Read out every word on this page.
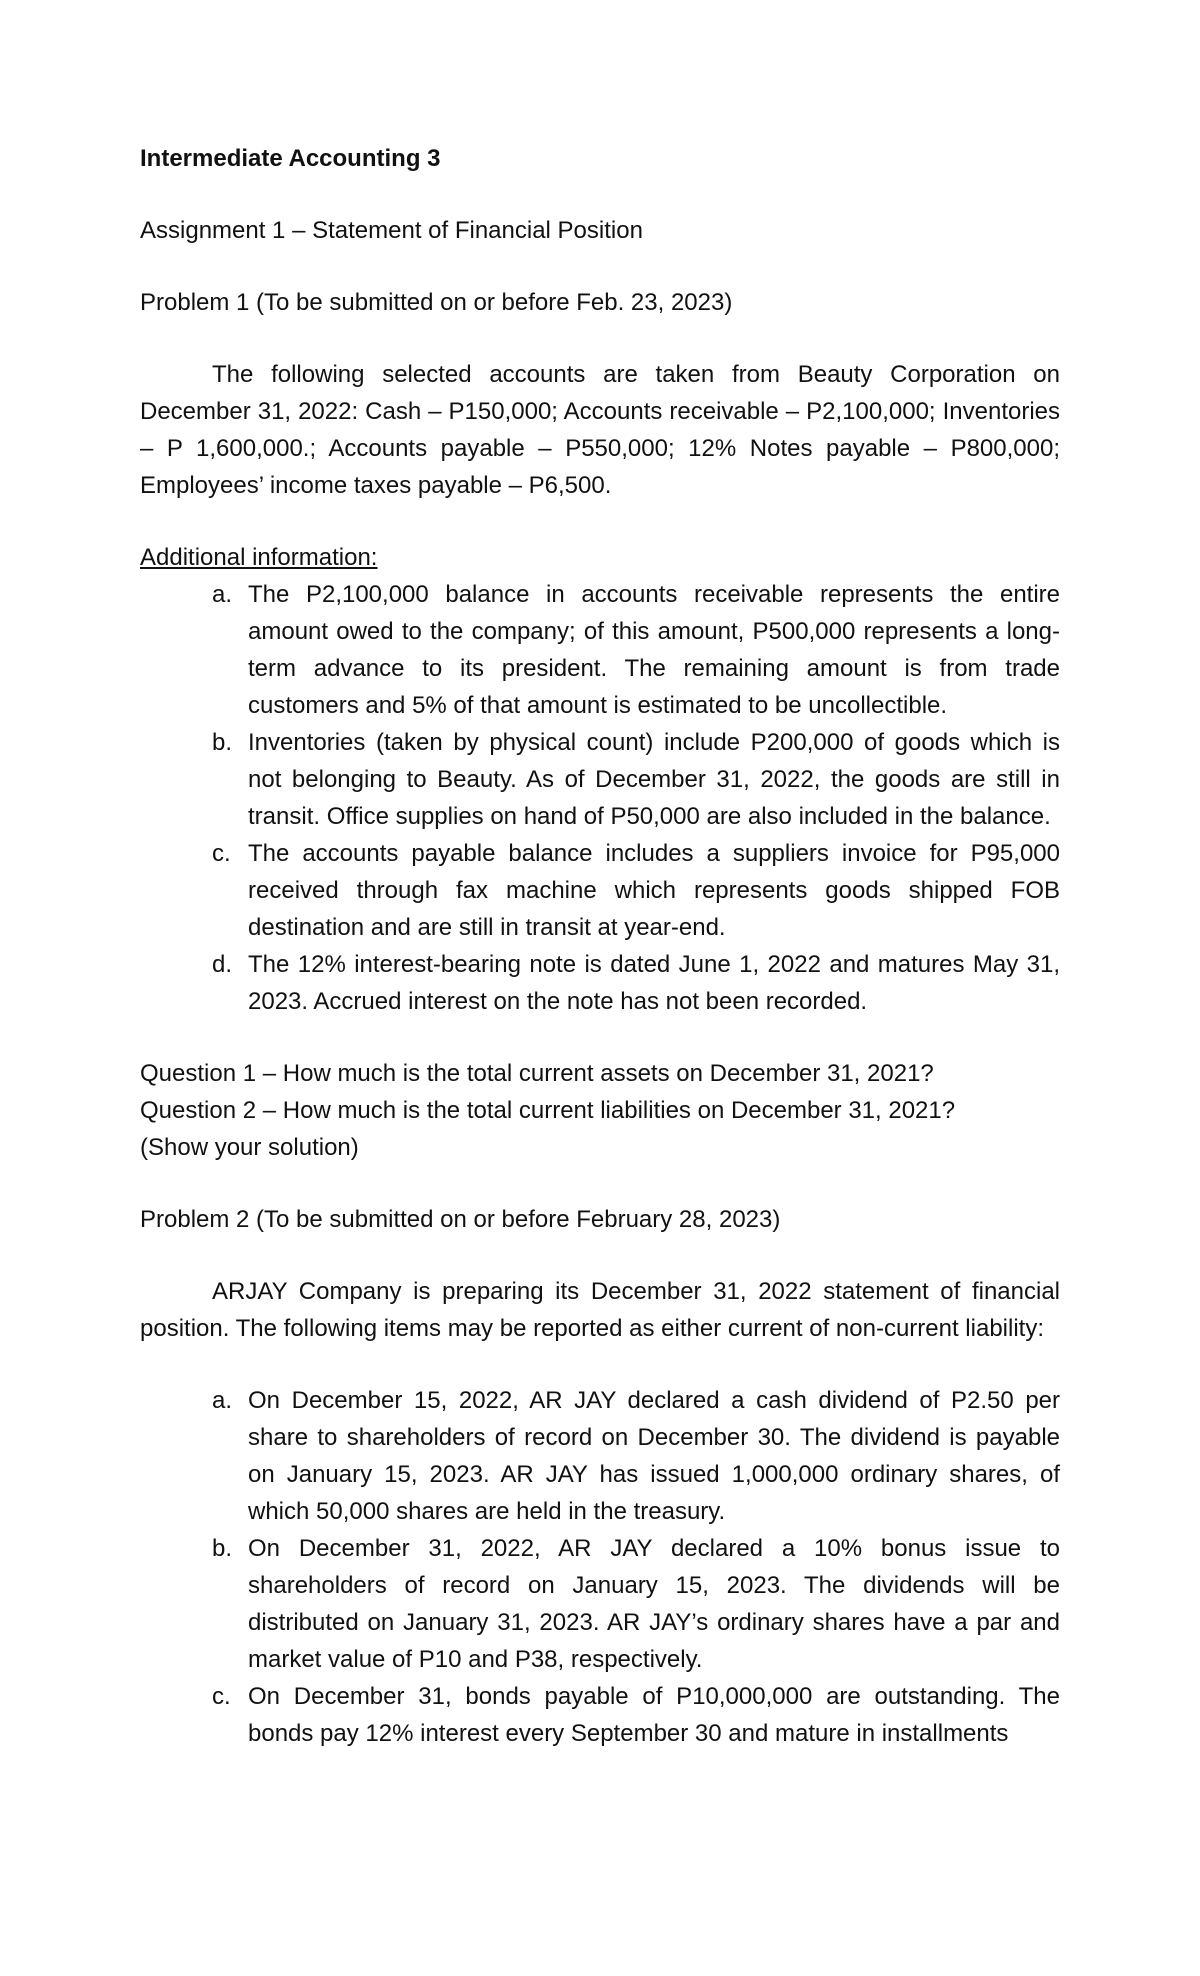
Intermediate Accounting 3

Assignment 1 – Statement of Financial Position

Problem 1 (To be submitted on or before Feb. 23, 2023)

The following selected accounts are taken from Beauty Corporation on December 31, 2022: Cash – P150,000; Accounts receivable – P2,100,000; Inventories – P 1,600,000.; Accounts payable – P550,000; 12% Notes payable – P800,000; Employees’ income taxes payable – P6,500.

Additional information:

a. The P2,100,000 balance in accounts receivable represents the entire amount owed to the company; of this amount, P500,000 represents a long-term advance to its president. The remaining amount is from trade customers and 5% of that amount is estimated to be uncollectible.
b. Inventories (taken by physical count) include P200,000 of goods which is not belonging to Beauty. As of December 31, 2022, the goods are still in transit. Office supplies on hand of P50,000 are also included in the balance.
c. The accounts payable balance includes a suppliers invoice for P95,000 received through fax machine which represents goods shipped FOB destination and are still in transit at year-end.
d. The 12% interest-bearing note is dated June 1, 2022 and matures May 31, 2023. Accrued interest on the note has not been recorded.

Question 1 – How much is the total current assets on December 31, 2021?

Question 2 – How much is the total current liabilities on December 31, 2021?

(Show your solution)

Problem 2 (To be submitted on or before February 28, 2023)

ARJAY Company is preparing its December 31, 2022 statement of financial position. The following items may be reported as either current of non-current liability:

a. On December 15, 2022, AR JAY declared a cash dividend of P2.50 per share to shareholders of record on December 30. The dividend is payable on January 15, 2023. AR JAY has issued 1,000,000 ordinary shares, of which 50,000 shares are held in the treasury.
b. On December 31, 2022, AR JAY declared a 10% bonus issue to shareholders of record on January 15, 2023. The dividends will be distributed on January 31, 2023. AR JAY’s ordinary shares have a par and market value of P10 and P38, respectively.
c. On December 31, bonds payable of P10,000,000 are outstanding. The bonds pay 12% interest every September 30 and mature in installments
